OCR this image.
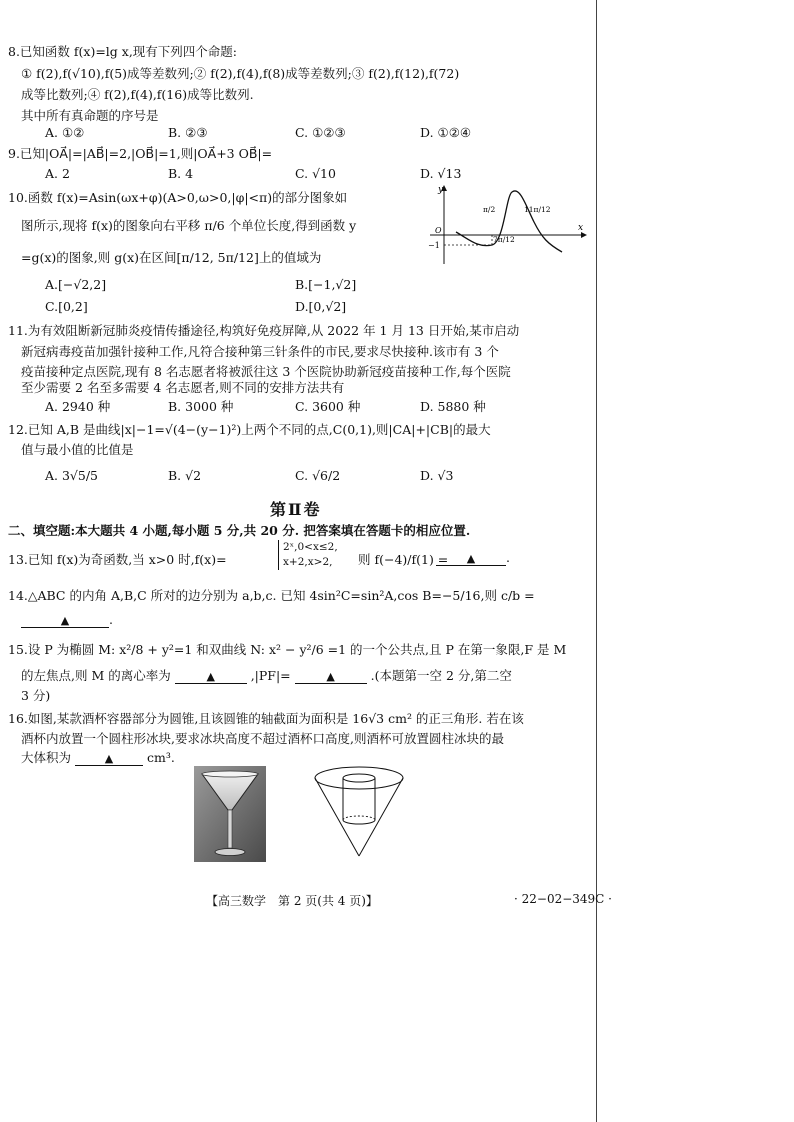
8.已知函数 f(x)=lg x,现有下列四个命题:
① f(2),f(√10),f(5)成等差数列;② f(2),f(4),f(8)成等差数列;③ f(2),f(12),f(72)
成等比数列;④ f(2),f(4),f(16)成等比数列.
其中所有真命题的序号是
A. ①②	B. ②③	C. ①②③	D. ①②④
9.已知|OA⃗|=|AB⃗|=2,|OB⃗|=1,则|OA⃗+3 OB⃗|=
A. 2	B. 4	C. √10	D. √13
10.函数 f(x)=Asin(ωx+φ)(A>0,ω>0,|φ|<π)的部分图象如
图所示,现将 f(x)的图象向右平移 π/6 个单位长度,得到函数 y
=g(x)的图象,则 g(x)在区间[π/12, 5π/12]上的值域为
A.[−√2,2]	B.[−1,√2]
C.[0,2]	D.[0,√2]
y
x
O
−1
π/2
7π/12
11π/12
11.为有效阻断新冠肺炎疫情传播途径,构筑好免疫屏障,从 2022 年 1 月 13 日开始,某市启动
新冠病毒疫苗加强针接种工作,凡符合接种第三针条件的市民,要求尽快接种.该市有 3 个
疫苗接种定点医院,现有 8 名志愿者将被派往这 3 个医院协助新冠疫苗接种工作,每个医院
至少需要 2 名至多需要 4 名志愿者,则不同的安排方法共有
A. 2940 种	B. 3000 种	C. 3600 种	D. 5880 种
12.已知 A,B 是曲线|x|−1=√(4−(y−1)²)上两个不同的点,C(0,1),则|CA|+|CB|的最大
值与最小值的比值是
A. 3√5/5	B. √2	C. √6/2	D. √3
第Ⅱ卷
二、填空题:本大题共 4 小题,每小题 5 分,共 20 分. 把答案填在答题卡的相应位置.
13.已知 f(x)为奇函数,当 x>0 时,f(x)=
2ˣ,0<x≤2,
x+2,x>2,	则 f(−4)/f(1) =	▲ .
14.△ABC 的内角 A,B,C 所对的边分别为 a,b,c. 已知 4sin²C=sin²A,cos B=−5/16,则 c/b =
▲	.
15.设 P 为椭圆 M: x²/8 + y²=1 和双曲线 N: x² − y²/6 =1 的一个公共点,且 P 在第一象限,F 是 M
的左焦点,则 M 的离心率为	▲	,|PF|=	▲	.(本题第一空 2 分,第二空
3 分)
16.如图,某款酒杯容器部分为圆锥,且该圆锥的轴截面为面积是 16√3 cm² 的正三角形. 若在该
酒杯内放置一个圆柱形冰块,要求冰块高度不超过酒杯口高度,则酒杯可放置圆柱冰块的最
大体积为	▲	cm³.
【高三数学　第 2 页(共 4 页)】	· 22−02−349C ·
